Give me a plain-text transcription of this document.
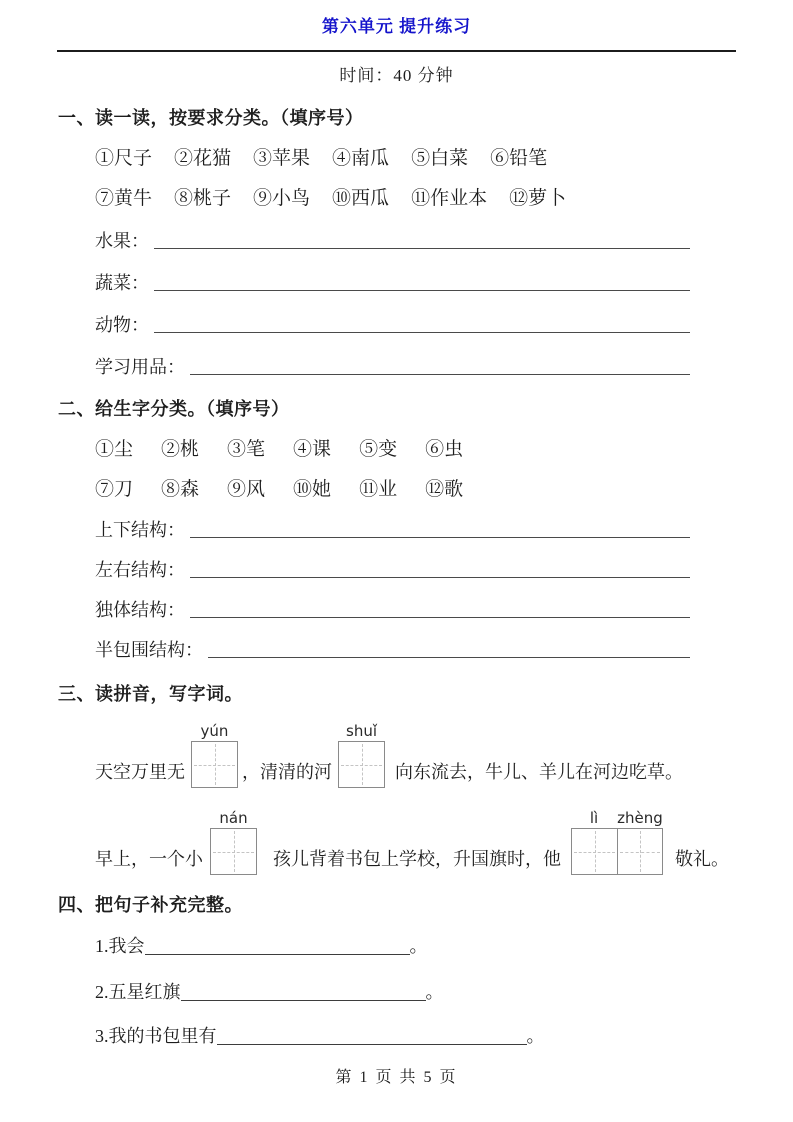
第六单元 提升练习
时间：40 分钟
一、读一读，按要求分类。（填序号）
①尺子 ②花猫 ③苹果 ④南瓜 ⑤白菜 ⑥铅笔
⑦黄牛 ⑧桃子 ⑨小鸟 ⑩西瓜 ⑪作业本 ⑫萝卜
水果：
蔬菜：
动物：
学习用品：
二、给生字分类。（填序号）
①尘 ②桃 ③笔 ④课 ⑤变 ⑥虫
⑦刀 ⑧森 ⑨风 ⑩她 ⑪业 ⑫歌
上下结构：
左右结构：
独体结构：
半包围结构：
三、读拼音，写字词。
天空万里无
yún
，清清的河
shuǐ
向东流去，牛儿、羊儿在河边吃草。
早上，一个小
nán
孩儿背着书包上学校，升国旗时，他
lì	zhèng
敬礼。
四、把句子补充完整。
1.我会	。
2.五星红旗	。
3.我的书包里有	。
第 1 页 共 5 页
